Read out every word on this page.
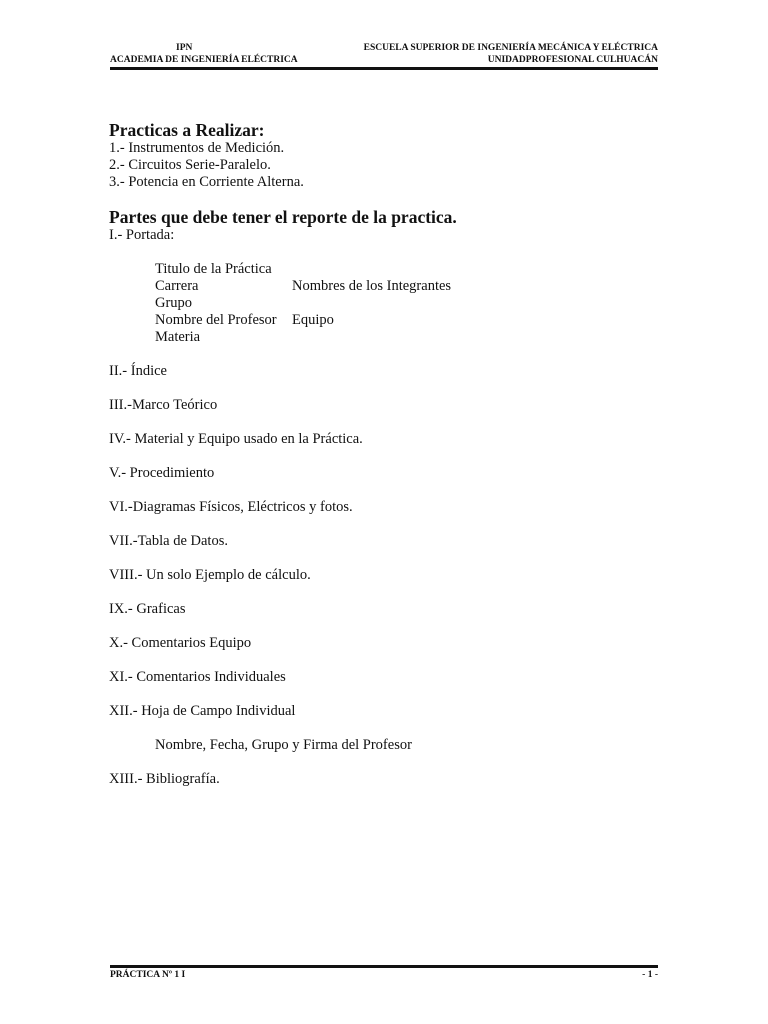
IPN	ESCUELA SUPERIOR DE INGENIERÍA MECÁNICA Y ELÉCTRICA
ACADEMIA DE INGENIERÍA ELÉCTRICA	UNIDADPROFESIONAL CULHUACÁN

Practicas a Realizar:

1.- Instrumentos de Medición.

2.- Circuitos Serie-Paralelo.

3.- Potencia en Corriente Alterna.

Partes que debe tener el reporte de la practica.

I.- Portada:

Titulo de la Práctica
Carrera	Nombres de los Integrantes
Grupo
Nombre del Profesor	Equipo
Materia

II.- Índice

III.-Marco Teórico

IV.- Material y Equipo usado en la Práctica.

V.- Procedimiento

VI.-Diagramas Físicos, Eléctricos y fotos.

VII.-Tabla de Datos.

VIII.- Un solo Ejemplo de cálculo.

IX.- Graficas

X.- Comentarios Equipo

XI.- Comentarios Individuales

XII.- Hoja de Campo Individual

Nombre, Fecha, Grupo y Firma del Profesor

XIII.- Bibliografía.

PRÁCTICA Nº 1 I	- 1 -
